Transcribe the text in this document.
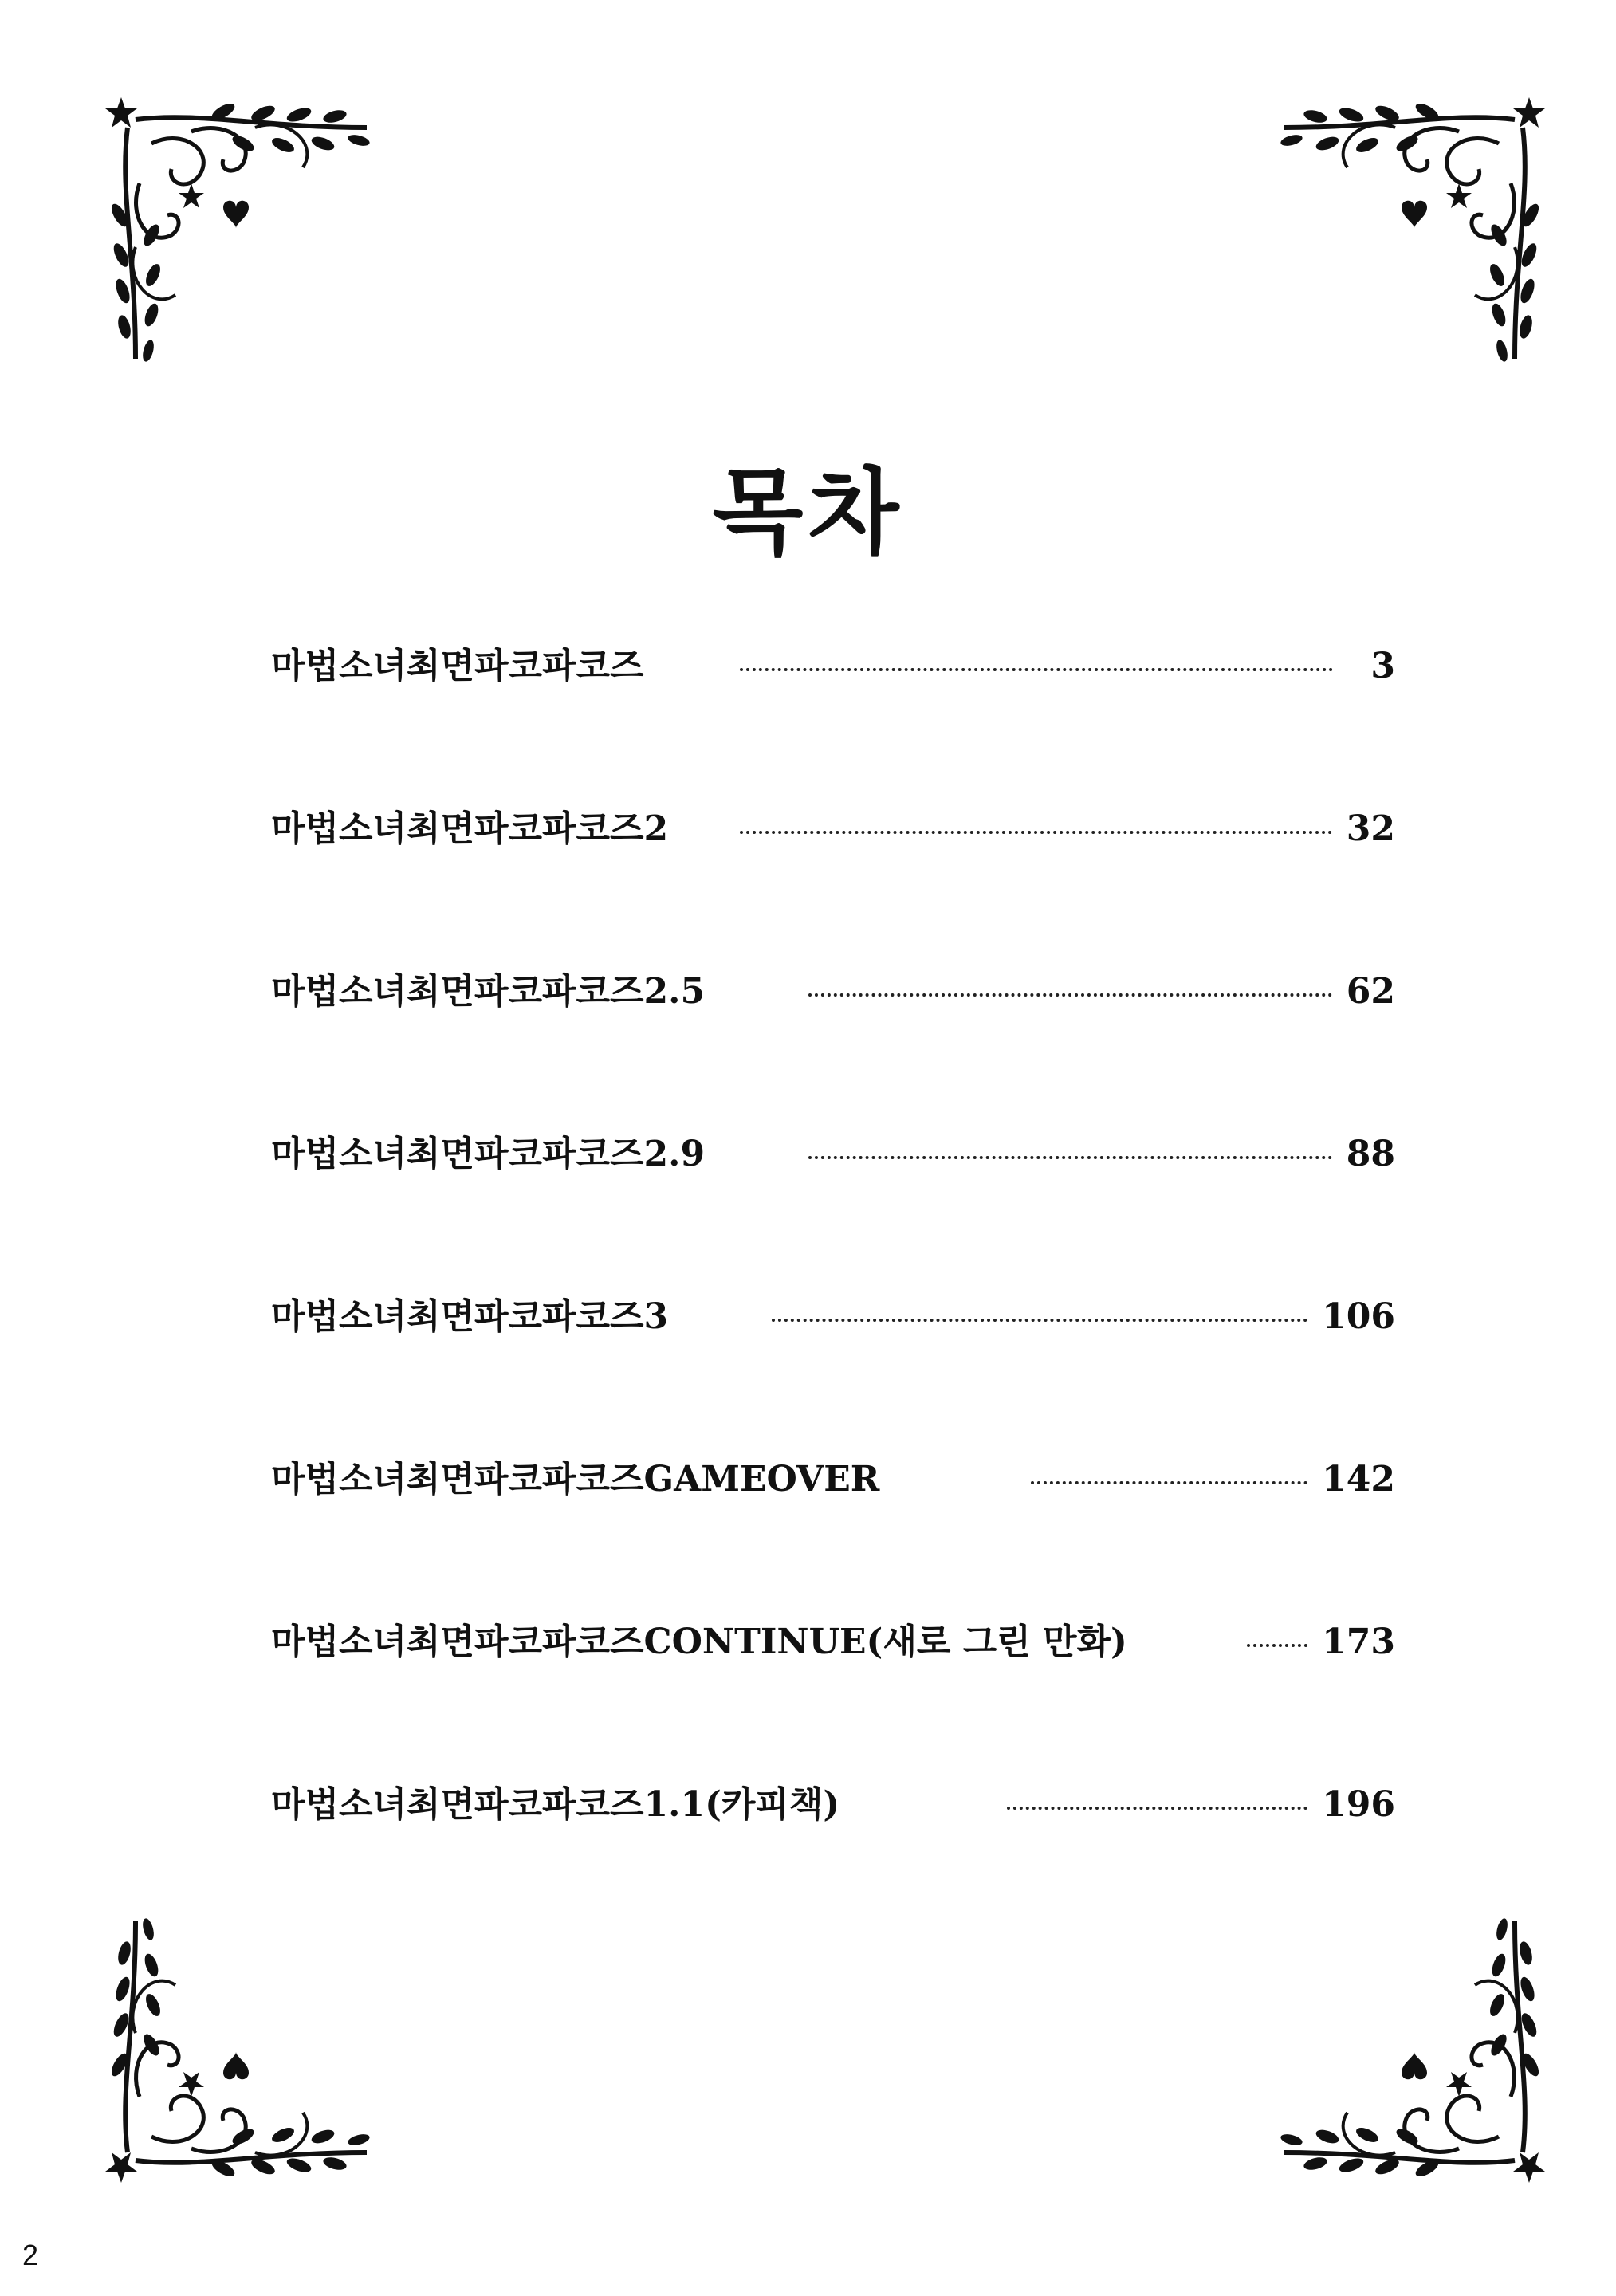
목차
마법소녀최면파코파코즈	3
마법소녀최면파코파코즈2	32
마법소녀최면파코파코즈2.5	62
마법소녀최면파코파코즈2.9	88
마법소녀최면파코파코즈3	106
마법소녀최면파코파코즈GAMEOVER	142
마법소녀최면파코파코즈CONTINUE(새로 그린 만화)	173
마법소녀최면파코파코즈1.1(카피책)	196
2
